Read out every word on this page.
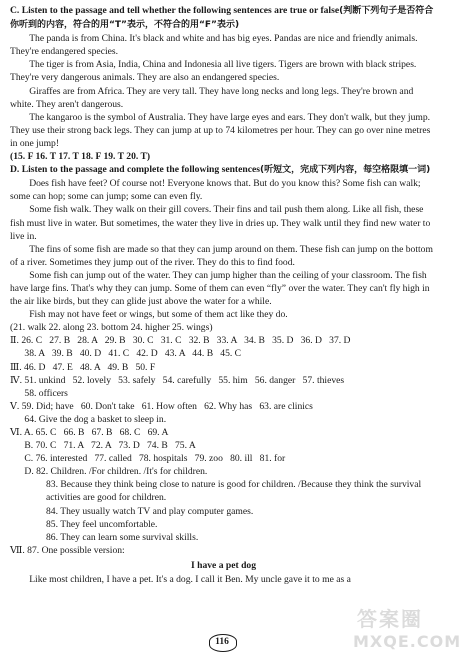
C. Listen to the passage and tell whether the following sentences are true or false(判断下列句子是否符合你听到的内容，符合的用“T”表示，不符合的用“F”表示)

The panda is from China. It's black and white and has big eyes. Pandas are nice and friendly animals. They're endangered species.

The tiger is from Asia, India, China and Indonesia all live tigers. Tigers are brown with black stripes. They're very dangerous animals. They are also an endangered species.

Giraffes are from Africa. They are very tall. They have long necks and long legs. They're brown and white. They aren't dangerous.

The kangaroo is the symbol of Australia. They have large eyes and ears. They don't walk, but they jump. They use their strong back legs. They can jump at up to 74 kilometres per hour. They can go over nine metres in one jump!

(15. F 16. T 17. T 18. F 19. T 20. T)

D. Listen to the passage and complete the following sentences(听短文，完成下列内容，每空格限填一词)

Does fish have feet? Of course not! Everyone knows that. But do you know this? Some fish can walk; some can hop; some can jump; some can even fly.

Some fish walk. They walk on their gill covers. Their fins and tail push them along. Like all fish, these fish must live in water. But sometimes, the water they live in dries up. They walk until they find new water to live in.

The fins of some fish are made so that they can jump around on them. These fish can jump on the bottom of a river. Sometimes they jump out of the river. They do this to find food.

Some fish can jump out of the water. They can jump higher than the ceiling of your classroom. The fish have large fins. That's why they can jump. Some of them can even “fly” over the water. They can't fly high in the air like birds, but they can glide just above the water for a while.

Fish may not have feet or wings, but some of them act like they do.

(21. walk 22. along 23. bottom 24. higher 25. wings)

Ⅱ. 26. C   27. B   28. A   29. B   30. C   31. C   32. B   33. A   34. B   35. D   36. D   37. D

38. A   39. B   40. D   41. C   42. D   43. A   44. B   45. C

Ⅲ. 46. D   47. E   48. A   49. B   50. F

Ⅳ. 51. unkind   52. lovely   53. safely   54. carefully   55. him   56. danger   57. thieves

58. officers

Ⅴ. 59. Did; have   60. Don't take   61. How often   62. Why has   63. are clinics

64. Give the dog a basket to sleep in.

Ⅵ. A. 65. C   66. B   67. B   68. C   69. A

B. 70. C   71. A   72. A   73. D   74. B   75. A

C. 76. interested   77. called   78. hospitals   79. zoo   80. ill   81. for

D. 82. Children. /For children. /It's for children.

83. Because they think being close to nature is good for children. /Because they think the survival activities are good for children.

84. They usually watch TV and play computer games.

85. They feel uncomfortable.

86. They can learn some survival skills.

Ⅶ. 87. One possible version:

I have a pet dog

Like most children, I have a pet. It's a dog. I call it Ben. My uncle gave it to me as a

116
答案圈
MXQE.COM
